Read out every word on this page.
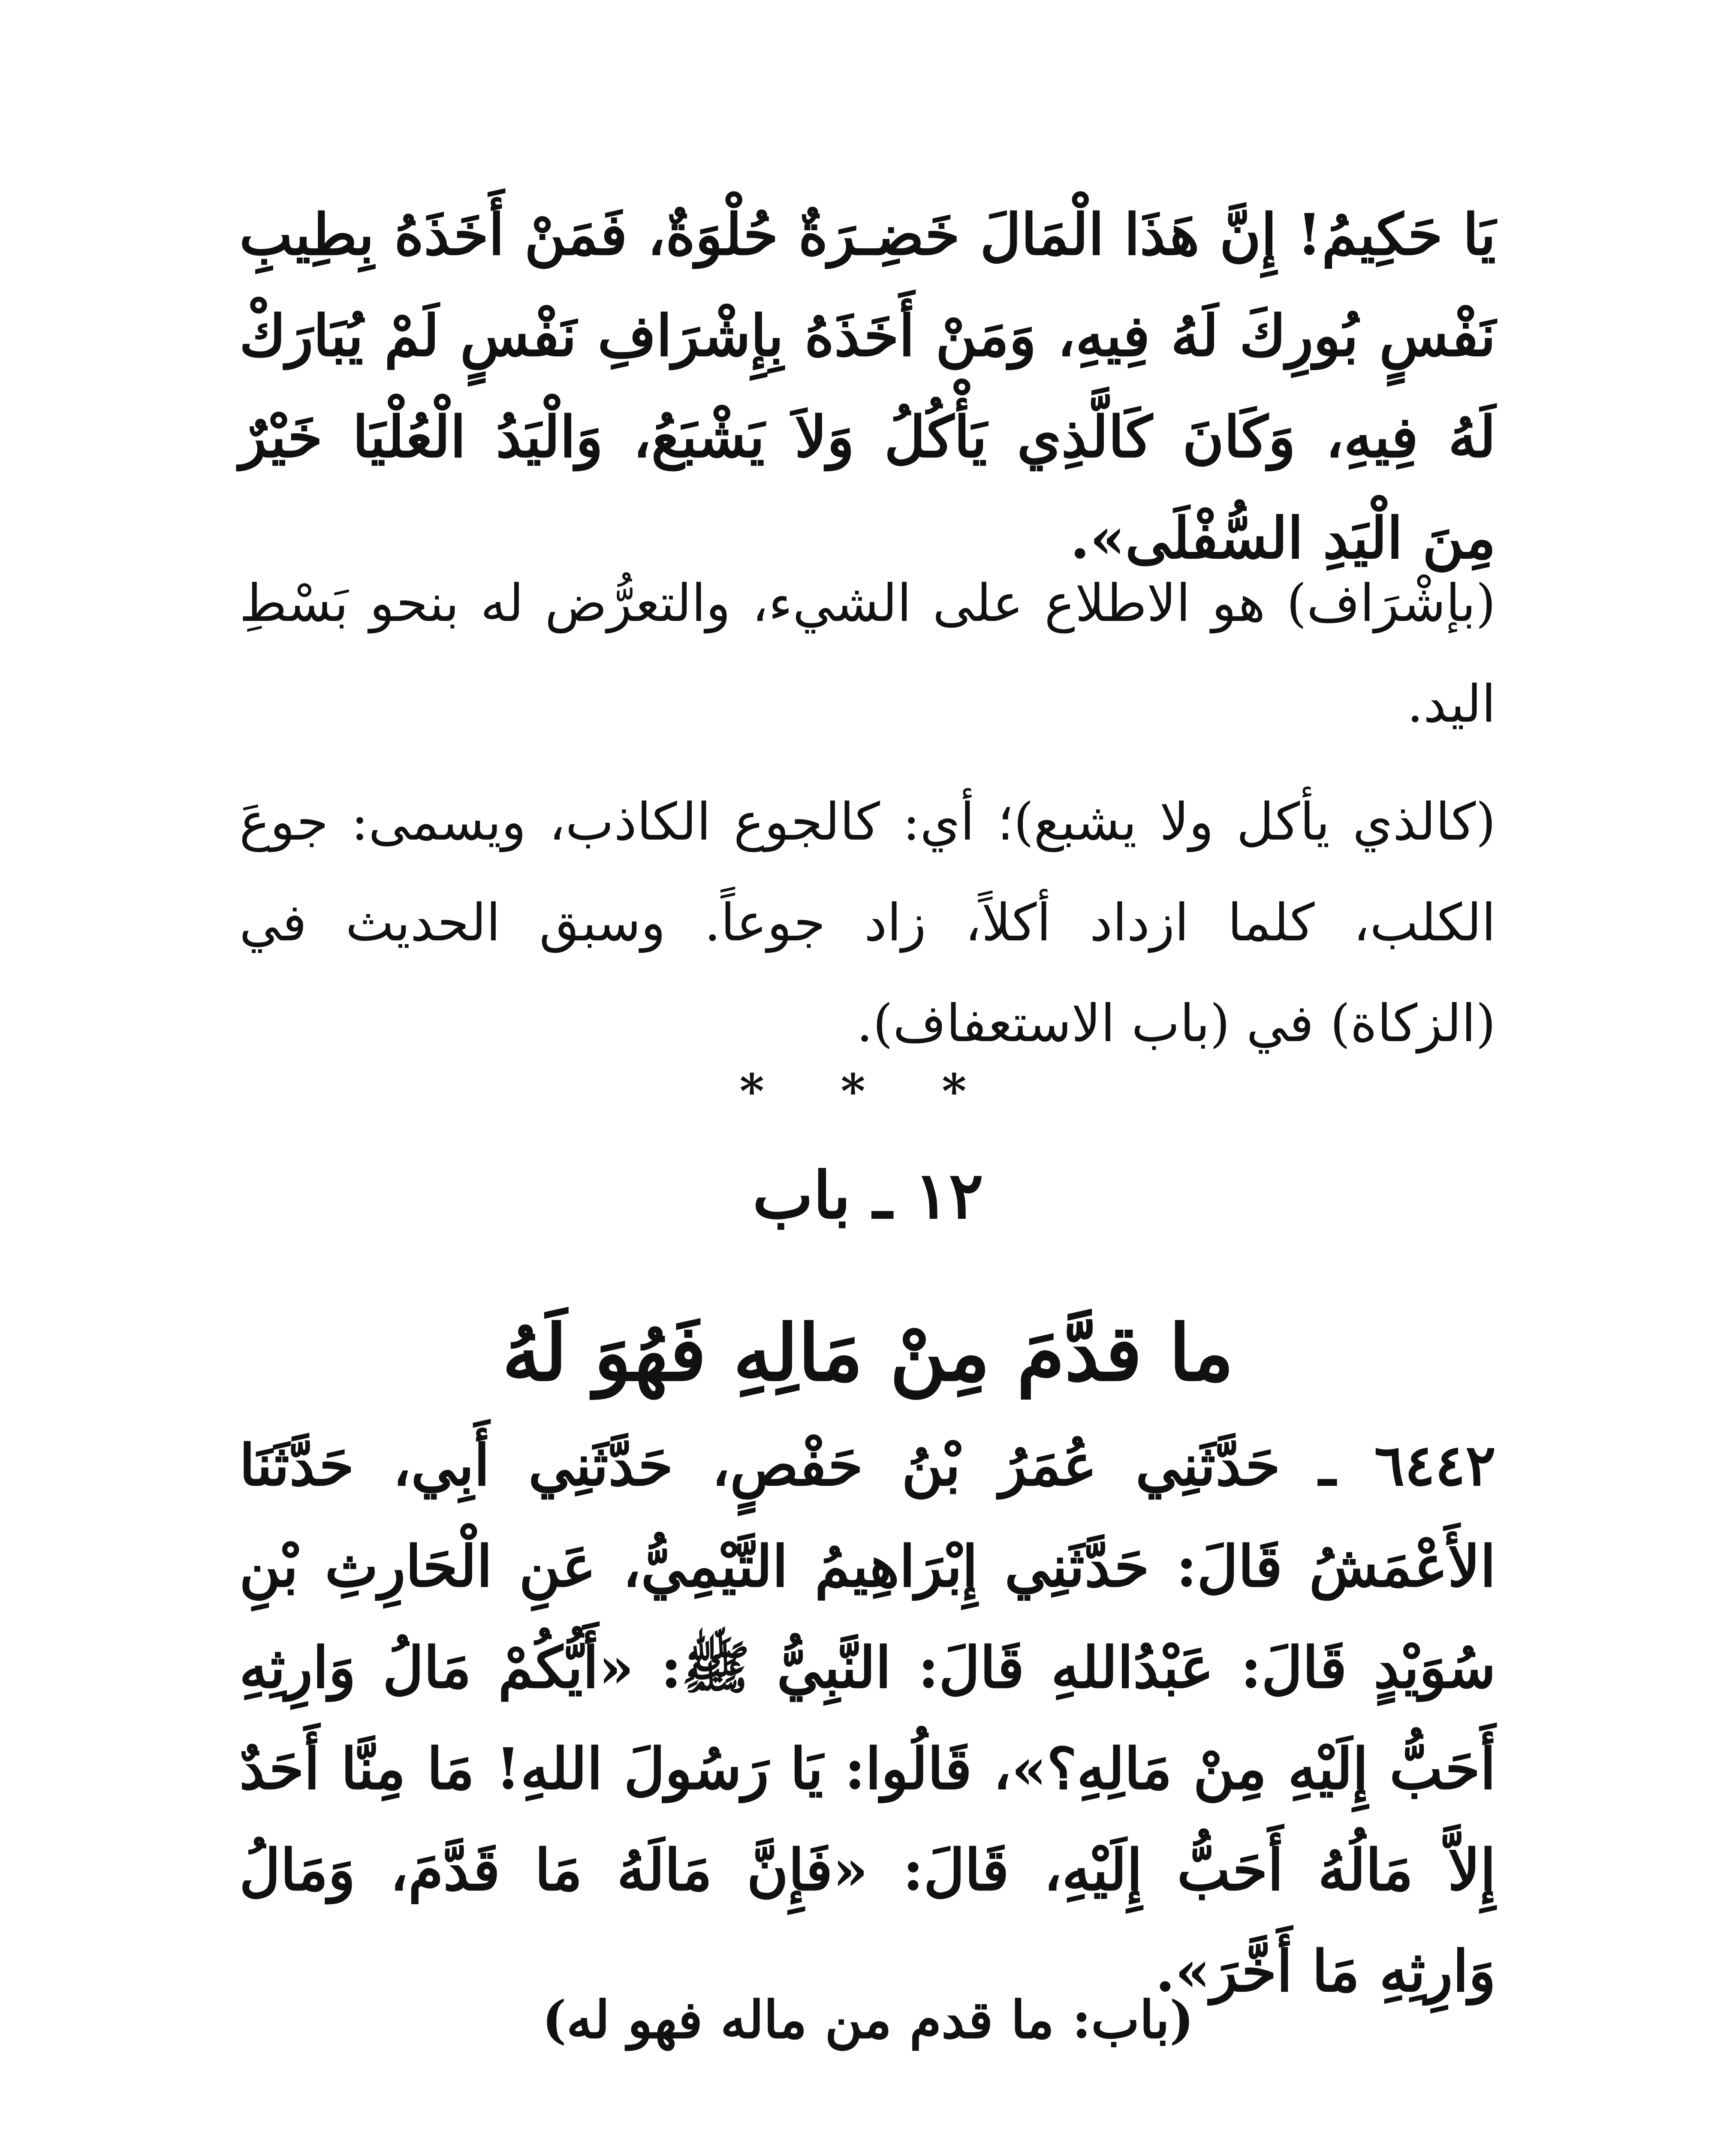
يَا حَكِيمُ! إِنَّ هَذَا الْمَالَ خَضِـرَةٌ حُلْوَةٌ، فَمَنْ أَخَذَهُ بِطِيبِ نَفْسٍ بُورِكَ لَهُ فِيهِ، وَمَنْ أَخَذَهُ بِإِشْرَافِ نَفْسٍ لَمْ يُبَارَكْ لَهُ فِيهِ، وَكَانَ كَالَّذِي يَأْكُلُ وَلاَ يَشْبَعُ، وَالْيَدُ الْعُلْيَا خَيْرٌ مِنَ الْيَدِ السُّفْلَى».
(بإشْرَاف) هو الاطلاع على الشيء، والتعرُّض له بنحو بَسْطِ اليد.
(كالذي يأكل ولا يشبع)؛ أي: كالجوع الكاذب، ويسمى: جوعَ الكلب، كلما ازداد أكلاً، زاد جوعاً. وسبق الحديث في (الزكاة) في (باب الاستعفاف).
* * *
١٢ ـ باب
ما قدَّمَ مِنْ مَالِهِ فَهُوَ لَهُ
٦٤٤٢ ـ حَدَّثَنِي عُمَرُ بْنُ حَفْصٍ، حَدَّثَنِي أَبِي، حَدَّثَنَا الأَعْمَشُ قَالَ: حَدَّثَنِي إِبْرَاهِيمُ التَّيْمِيُّ، عَنِ الْحَارِثِ بْنِ سُوَيْدٍ قَالَ: عَبْدُاللهِ قَالَ: النَّبِيُّ ﷺ: «أَيُّكُمْ مَالُ وَارِثِهِ أَحَبُّ إِلَيْهِ مِنْ مَالِهِ؟»، قَالُوا: يَا رَسُولَ اللهِ! مَا مِنَّا أَحَدٌ إِلاَّ مَالُهُ أَحَبُّ إِلَيْهِ، قَالَ: «فَإِنَّ مَالَهُ مَا قَدَّمَ، وَمَالُ وَارِثِهِ مَا أَخَّرَ».
(باب: ما قدم من ماله فهو له)
